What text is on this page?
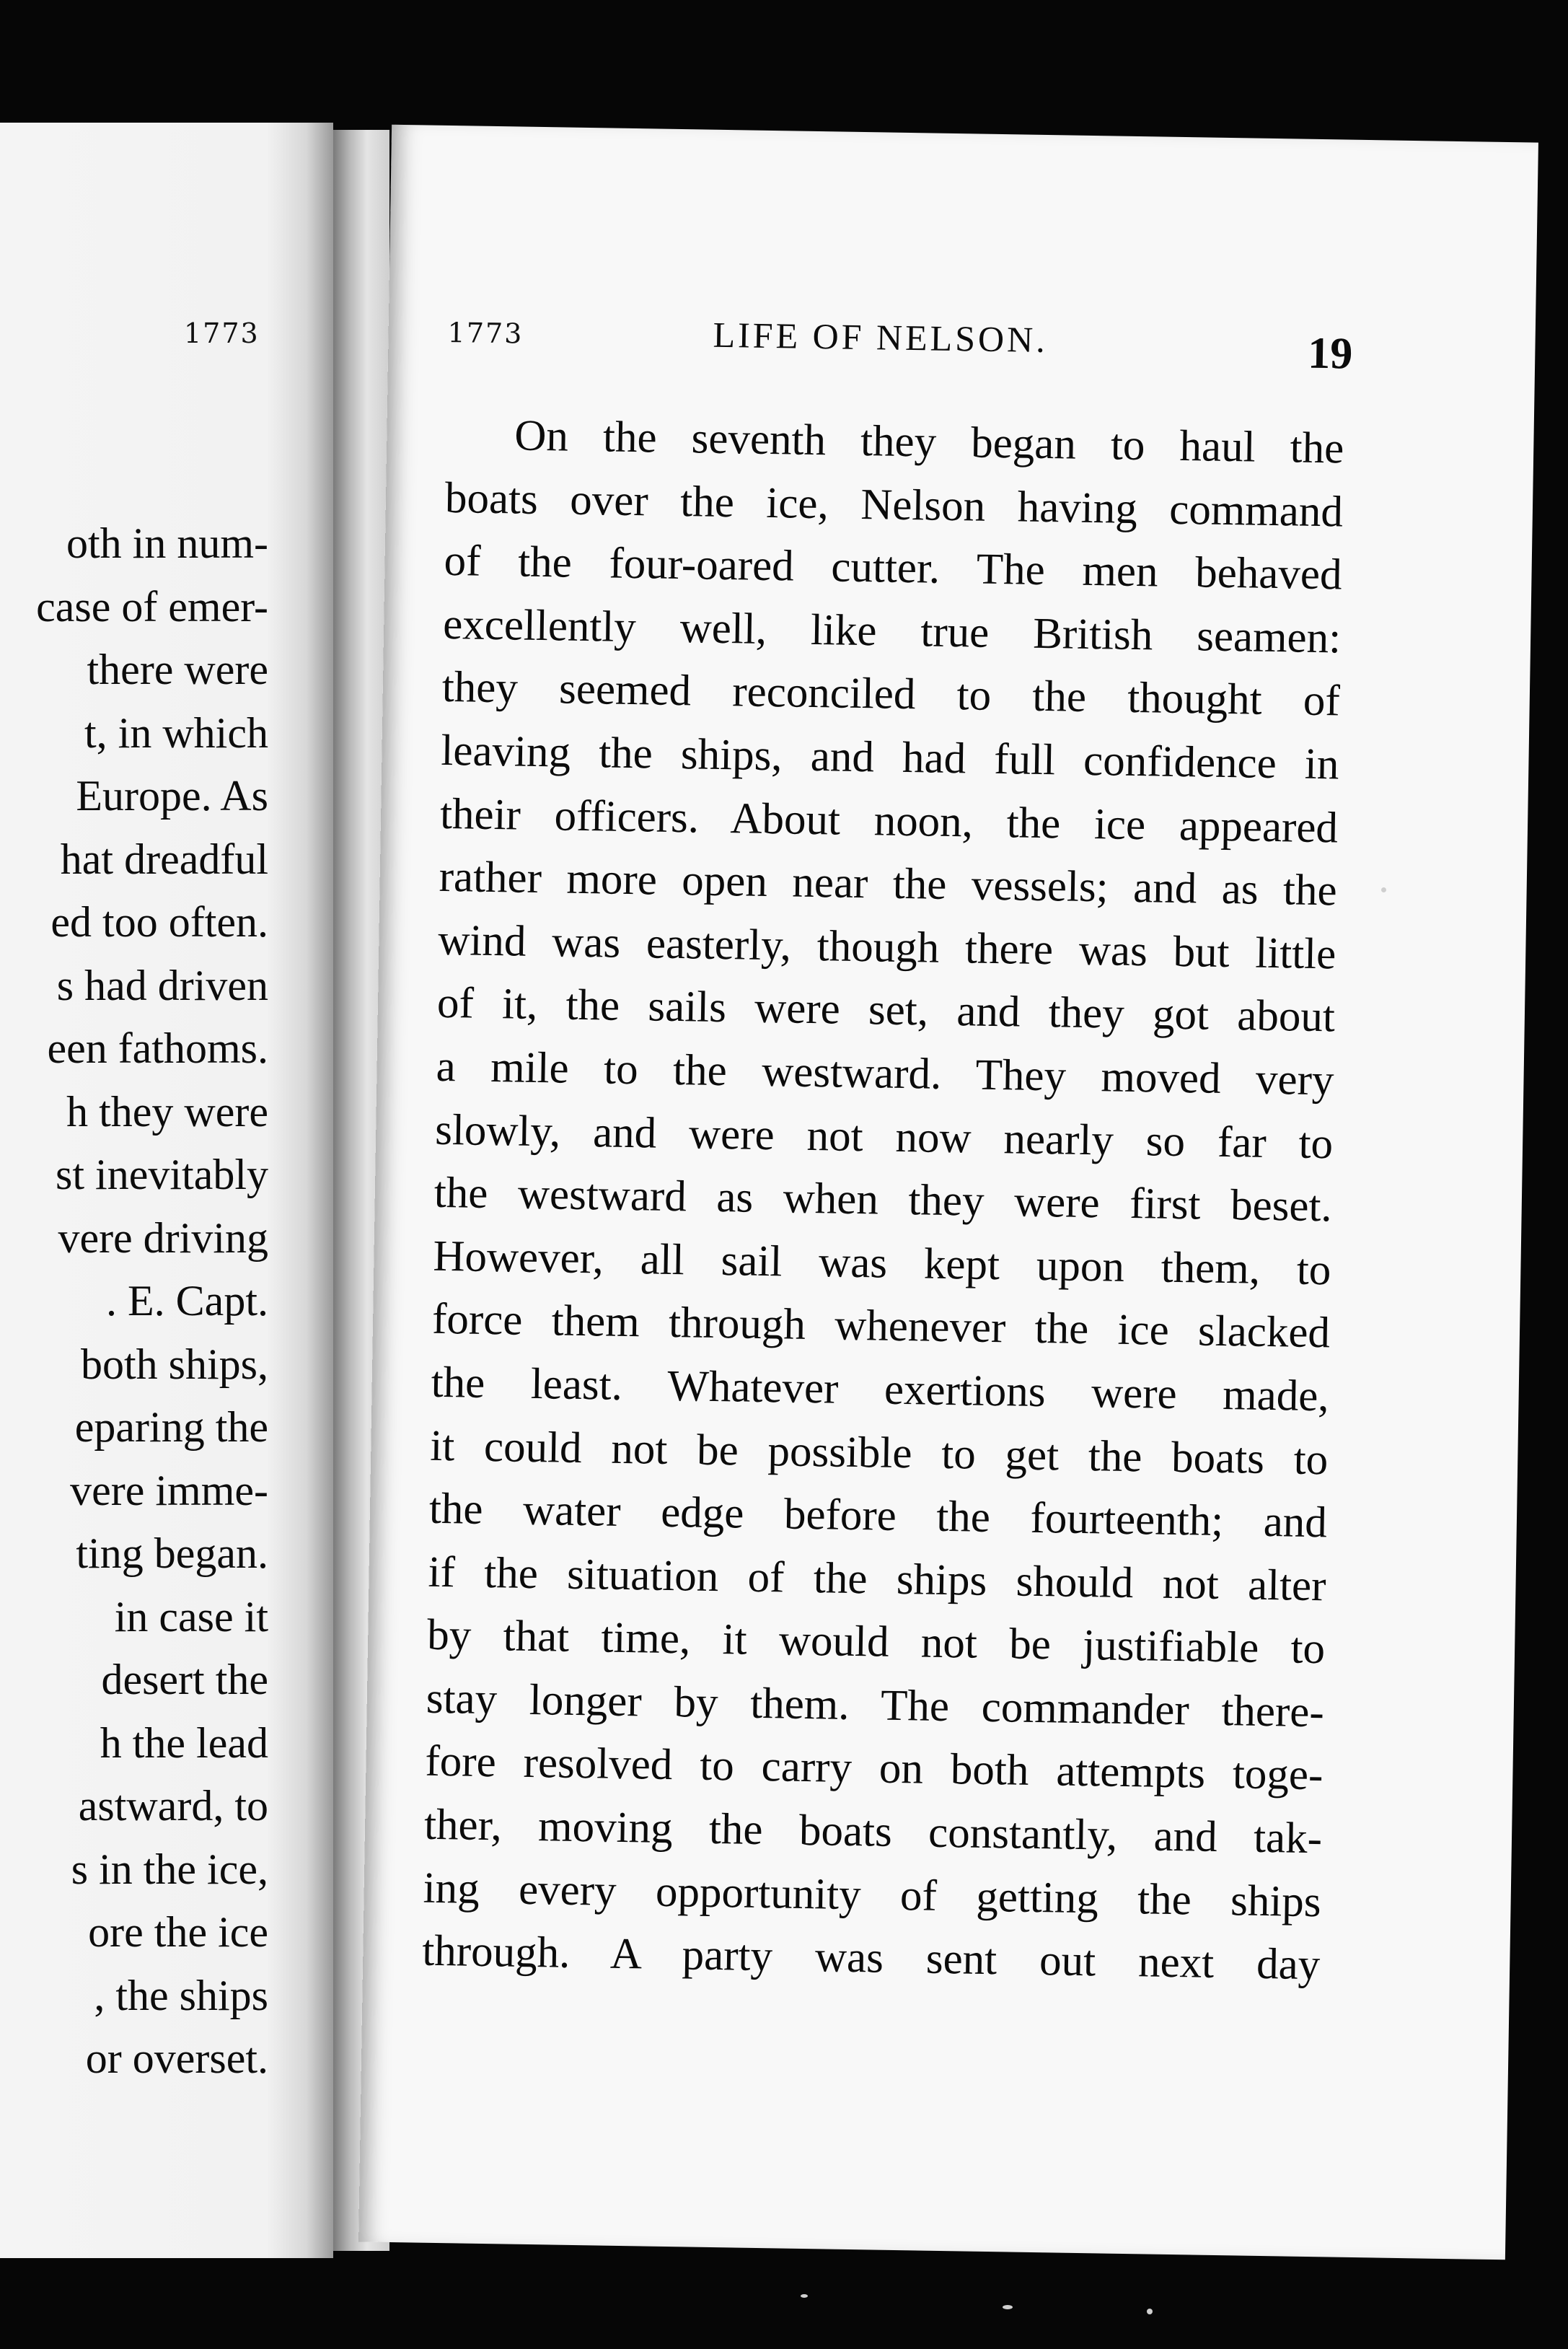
1773
oth in num-
case of emer-
there were
t, in which
Europe. As
hat dreadful
ed too often.
s had driven
een fathoms.
h they were
st inevitably
vere driving
. E. Capt.
both ships,
eparing the
vere imme-
ting began.
in case it
desert the
h the lead
astward, to
s in the ice,
ore the ice
, the ships
or overset.
1773	LIFE OF NELSON.	19
On the seventh they began to haul the
boats over the ice, Nelson having command
of the four-oared cutter. The men behaved
excellently well, like true British seamen:
they seemed reconciled to the thought of
leaving the ships, and had full confidence in
their officers. About noon, the ice appeared
rather more open near the vessels; and as the
wind was easterly, though there was but little
of it, the sails were set, and they got about
a mile to the westward. They moved very
slowly, and were not now nearly so far to
the westward as when they were first beset.
However, all sail was kept upon them, to
force them through whenever the ice slacked
the least. Whatever exertions were made,
it could not be possible to get the boats to
the water edge before the fourteenth; and
if the situation of the ships should not alter
by that time, it would not be justifiable to
stay longer by them. The commander there-
fore resolved to carry on both attempts toge-
ther, moving the boats constantly, and tak-
ing every opportunity of getting the ships
through. A party was sent out next day
